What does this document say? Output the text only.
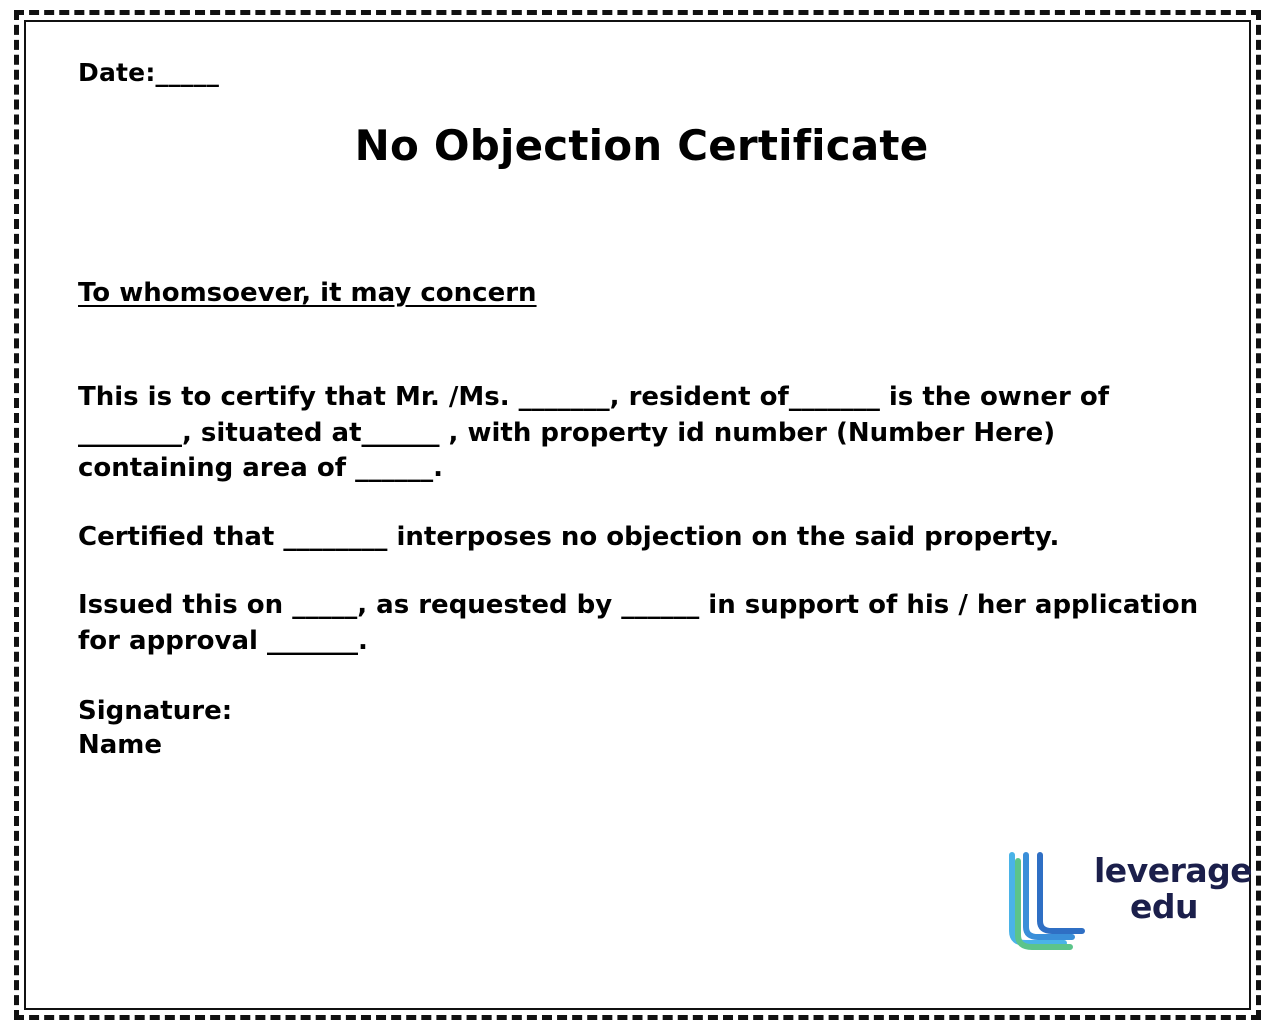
Date:_____

No Objection Certificate

To whomsoever, it may concern

This is to certify that Mr. /Ms. _______, resident of_______ is the owner of ________, situated at______ , with property id number (Number Here) containing area of ______.

Certified that ________ interposes no objection on the said property.

Issued this on _____, as requested by ______ in support of his / her application for approval _______.

Signature:
Name
leverage
edu
